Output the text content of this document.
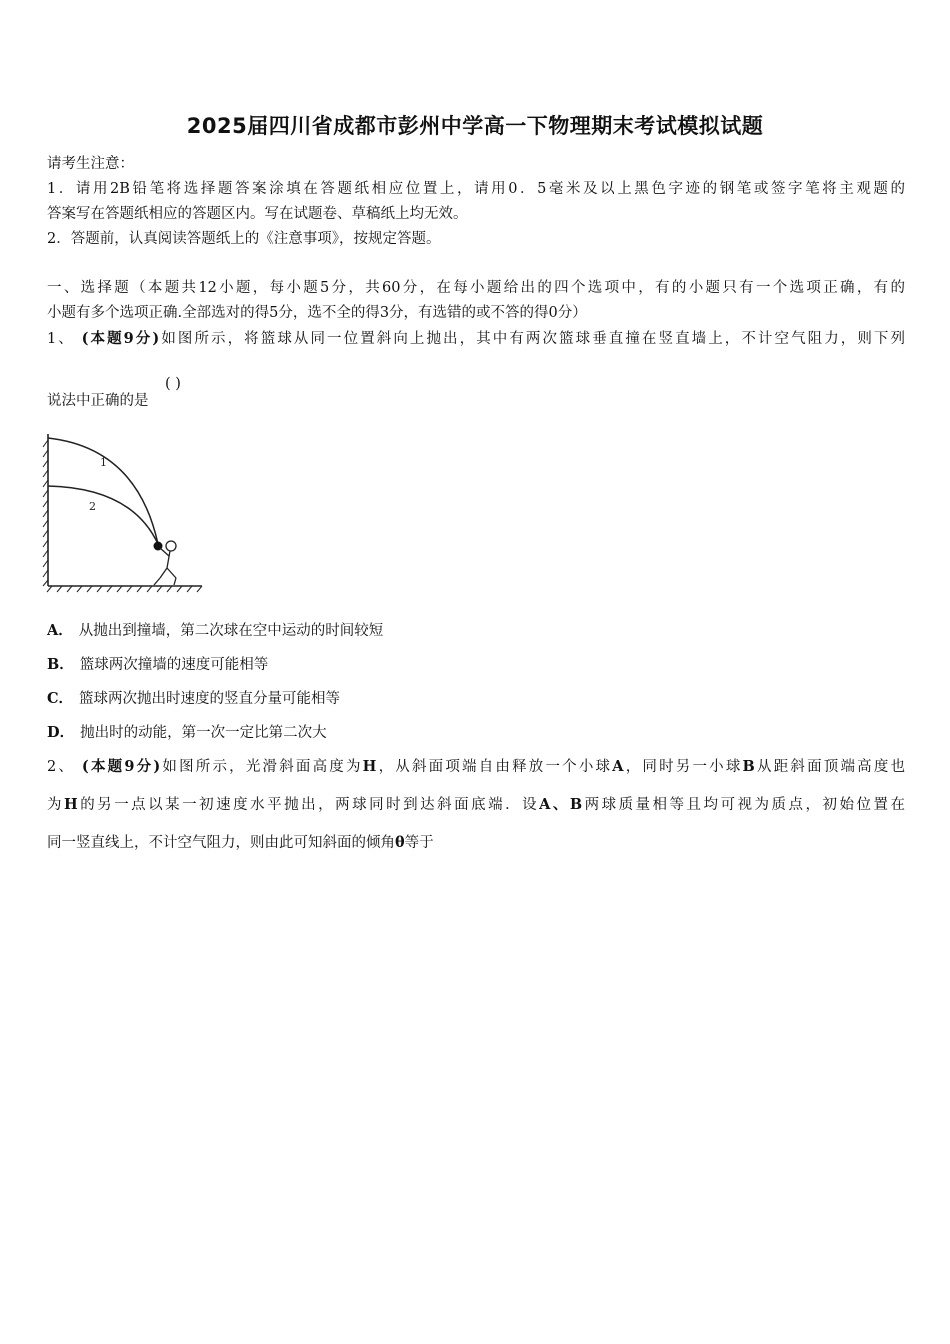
2025届四川省成都市彭州中学高一下物理期末考试模拟试题
请考生注意：
1．请用2B铅笔将选择题答案涂填在答题纸相应位置上，请用0．5毫米及以上黑色字迹的钢笔或签字笔将主观题的
答案写在答题纸相应的答题区内。写在试题卷、草稿纸上均无效。
2．答题前，认真阅读答题纸上的《注意事项》，按规定答题。
一、选择题（本题共12小题，每小题5分，共60分，在每小题给出的四个选项中，有的小题只有一个选项正确，有的
小题有多个选项正确.全部选对的得5分，选不全的得3分，有选错的或不答的得0分）
1、 (本题9分)如图所示，将篮球从同一位置斜向上抛出，其中有两次篮球垂直撞在竖直墙上，不计空气阻力，则下列
说法中正确的是
( )
1
2
A． 从抛出到撞墙，第二次球在空中运动的时间较短
B． 篮球两次撞墙的速度可能相等
C． 篮球两次抛出时速度的竖直分量可能相等
D． 抛出时的动能，第一次一定比第二次大
2、 (本题9分)如图所示，光滑斜面高度为H，从斜面项端自由释放一个小球A，同时另一小球B从距斜面顶端高度也
为H的另一点以某一初速度水平抛出，两球同时到达斜面底端．设A、B两球质量相等且均可视为质点，初始位置在
同一竖直线上，不计空气阻力，则由此可知斜面的倾角θ等于
